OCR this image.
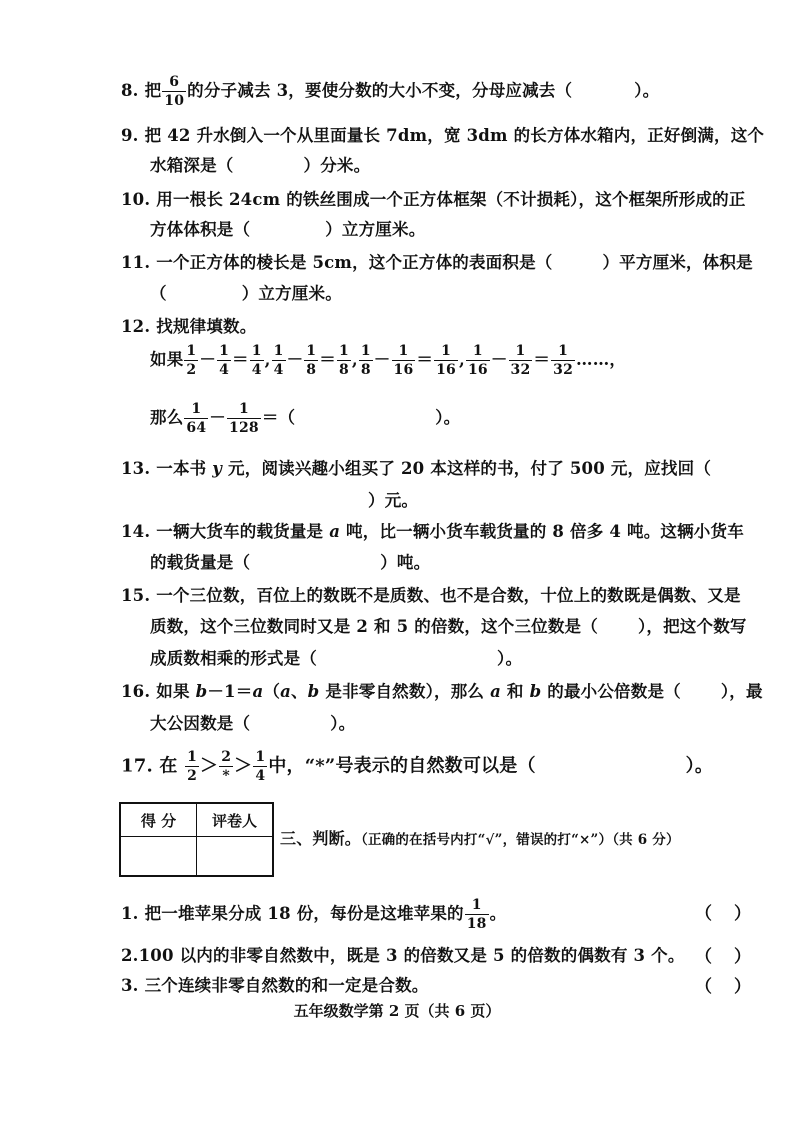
8. 把 $\frac{6}{10}$ 的分子减去 3，要使分数的大小不变，分母应减去（	）。
9. 把 42 升水倒入一个从里面量长 7dm，宽 3dm 的长方体水箱内，正好倒满，这个
水箱深是（	）分米。
10. 用一根长 24cm 的铁丝围成一个正方体框架（不计损耗），这个框架所形成的正
方体体积是（	）立方厘米。
11. 一个正方体的棱长是 5cm，这个正方体的表面积是（	）平方厘米，体积是
（	）立方厘米。
12. 找规律填数。
如果 $\frac{1}{2} - \frac{1}{4} = \frac{1}{4}$ , $\frac{1}{4} - \frac{1}{8} = \frac{1}{8}$ , $\frac{1}{8} - \frac{1}{16} = \frac{1}{16}$ , $\frac{1}{16} - \frac{1}{32} = \frac{1}{32}$ ……，
那么 $\frac{1}{64} - \frac{1}{128}$ ＝（	）。
13. 一本书 y 元，阅读兴趣小组买了 20 本这样的书，付了 500 元，应找回（
）元。
14. 一辆大货车的载货量是 a 吨，比一辆小货车载货量的 8 倍多 4 吨。这辆小货车
的载货量是（	）吨。
15. 一个三位数，百位上的数既不是质数、也不是合数，十位上的数既是偶数、又是
质数，这个三位数同时又是 2 和 5 的倍数，这个三位数是（ ），把这个数写
成质数相乘的形式是（	）。
16. 如果 b－1＝a（a、b 是非零自然数），那么 a 和 b 的最小公倍数是（ ），最
大公因数是（	）。
17. 在 $\frac{1}{2} > \frac{2}{*} > \frac{1}{4}$ 中，“*”号表示的自然数可以是（	）。
得 分	评卷人

三、判断。（正确的在括号内打“√”，错误的打“×”）（共 6 分）
1. 把一堆苹果分成 18 份，每份是这堆苹果的 $\frac{1}{18}$ 。	（ ）
2.100 以内的非零自然数中，既是 3 的倍数又是 5 的倍数的偶数有 3 个。 （ ）
3. 三个连续非零自然数的和一定是合数。	（ ）
五年级数学第 2 页（共 6 页）
